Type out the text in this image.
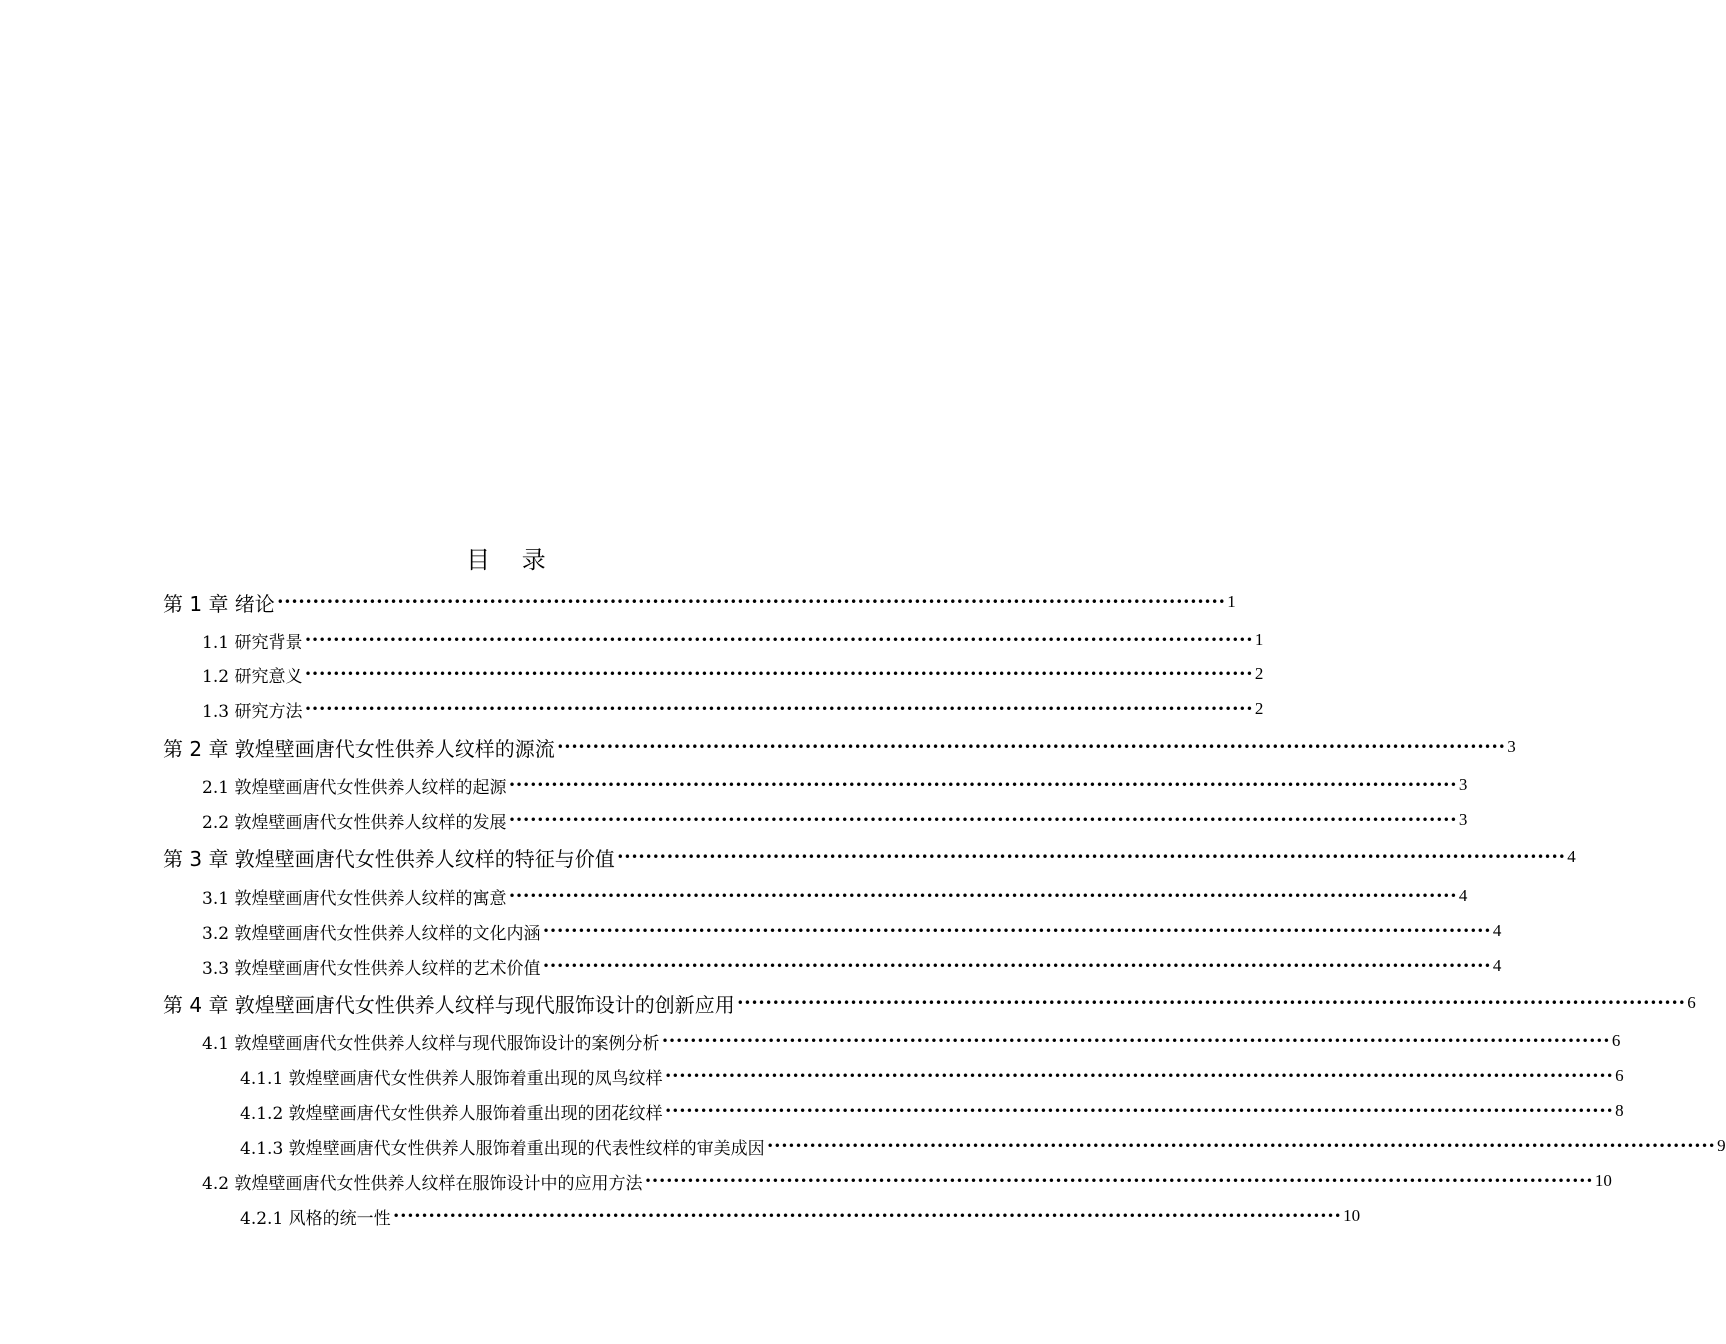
目 录
第 1 章 绪论 •••••••••••••••••••••••••••••••••••••••••••••••••••••••••••••••••••••••••••••••••••••••••••••••••••••••••••••••••••••••••••••••••••••• 1
1.1 研究背景 •••••••••••••••••••••••••••••••••••••••••••••••••••••••••••••••••••••••••••••••••••••••••••••••••••••••••••••••••••••••••••••••••••••• 1
1.2 研究意义 •••••••••••••••••••••••••••••••••••••••••••••••••••••••••••••••••••••••••••••••••••••••••••••••••••••••••••••••••••••••••••••••••••••• 2
1.3 研究方法 •••••••••••••••••••••••••••••••••••••••••••••••••••••••••••••••••••••••••••••••••••••••••••••••••••••••••••••••••••••••••••••••••••••• 2
第 2 章 敦煌壁画唐代女性供养人纹样的源流 •••••••••••••••••••••••••••••••••••••••••••••••••••••••••••••••••••••••••••••••••••••••••••••••••••••••••••••••••••••••••••••••••••••• 3
2.1 敦煌壁画唐代女性供养人纹样的起源 •••••••••••••••••••••••••••••••••••••••••••••••••••••••••••••••••••••••••••••••••••••••••••••••••••••••••••••••••••••••••••••••••••••• 3
2.2 敦煌壁画唐代女性供养人纹样的发展 •••••••••••••••••••••••••••••••••••••••••••••••••••••••••••••••••••••••••••••••••••••••••••••••••••••••••••••••••••••••••••••••••••••• 3
第 3 章 敦煌壁画唐代女性供养人纹样的特征与价值 •••••••••••••••••••••••••••••••••••••••••••••••••••••••••••••••••••••••••••••••••••••••••••••••••••••••••••••••••••••••••••••••••••••• 4
3.1 敦煌壁画唐代女性供养人纹样的寓意 •••••••••••••••••••••••••••••••••••••••••••••••••••••••••••••••••••••••••••••••••••••••••••••••••••••••••••••••••••••••••••••••••••••• 4
3.2 敦煌壁画唐代女性供养人纹样的文化内涵 •••••••••••••••••••••••••••••••••••••••••••••••••••••••••••••••••••••••••••••••••••••••••••••••••••••••••••••••••••••••••••••••••••••• 4
3.3 敦煌壁画唐代女性供养人纹样的艺术价值 •••••••••••••••••••••••••••••••••••••••••••••••••••••••••••••••••••••••••••••••••••••••••••••••••••••••••••••••••••••••••••••••••••••• 4
第 4 章 敦煌壁画唐代女性供养人纹样与现代服饰设计的创新应用 •••••••••••••••••••••••••••••••••••••••••••••••••••••••••••••••••••••••••••••••••••••••••••••••••••••••••••••••••••••••••••••••••••••• 6
4.1 敦煌壁画唐代女性供养人纹样与现代服饰设计的案例分析 •••••••••••••••••••••••••••••••••••••••••••••••••••••••••••••••••••••••••••••••••••••••••••••••••••••••••••••••••••••••••••••••••••••• 6
4.1.1 敦煌壁画唐代女性供养人服饰着重出现的凤鸟纹样 •••••••••••••••••••••••••••••••••••••••••••••••••••••••••••••••••••••••••••••••••••••••••••••••••••••••••••••••••••••••••••••••••••••• 6
4.1.2 敦煌壁画唐代女性供养人服饰着重出现的团花纹样 •••••••••••••••••••••••••••••••••••••••••••••••••••••••••••••••••••••••••••••••••••••••••••••••••••••••••••••••••••••••••••••••••••••• 8
4.1.3 敦煌壁画唐代女性供养人服饰着重出现的代表性纹样的审美成因 •••••••••••••••••••••••••••••••••••••••••••••••••••••••••••••••••••••••••••••••••••••••••••••••••••••••••••••••••••••••••••••••••••••• 9
4.2 敦煌壁画唐代女性供养人纹样在服饰设计中的应用方法 •••••••••••••••••••••••••••••••••••••••••••••••••••••••••••••••••••••••••••••••••••••••••••••••••••••••••••••••••••••••••••••••••••••• 10
4.2.1 风格的统一性 •••••••••••••••••••••••••••••••••••••••••••••••••••••••••••••••••••••••••••••••••••••••••••••••••••••••••••••••••••••••••••••••••••••• 10
